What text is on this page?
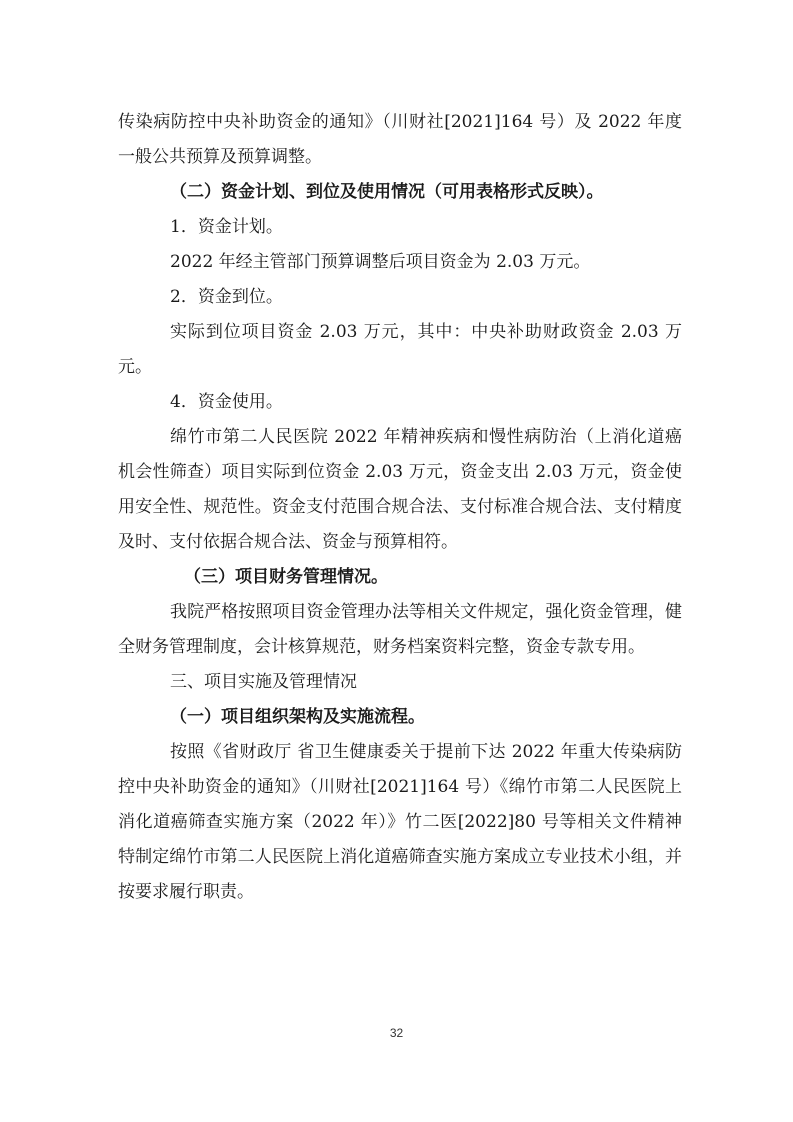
传染病防控中央补助资金的通知》（川财社[2021]164 号）及 2022 年度一般公共预算及预算调整。

（二）资金计划、到位及使用情况（可用表格形式反映）。

1．资金计划。

2022 年经主管部门预算调整后项目资金为 2.03 万元。

2．资金到位。

实际到位项目资金 2.03 万元，其中：中央补助财政资金 2.03 万元。

4．资金使用。

绵竹市第二人民医院 2022 年精神疾病和慢性病防治（上消化道癌机会性筛查）项目实际到位资金 2.03 万元，资金支出 2.03 万元，资金使用安全性、规范性。资金支付范围合规合法、支付标准合规合法、支付精度及时、支付依据合规合法、资金与预算相符。

（三）项目财务管理情况。

我院严格按照项目资金管理办法等相关文件规定，强化资金管理，健全财务管理制度，会计核算规范，财务档案资料完整，资金专款专用。

三、项目实施及管理情况

（一）项目组织架构及实施流程。

按照《省财政厅 省卫生健康委关于提前下达 2022 年重大传染病防控中央补助资金的通知》（川财社[2021]164 号）《绵竹市第二人民医院上消化道癌筛查实施方案（2022 年）》竹二医[2022]80 号等相关文件精神特制定绵竹市第二人民医院上消化道癌筛查实施方案成立专业技术小组，并按要求履行职责。

32
